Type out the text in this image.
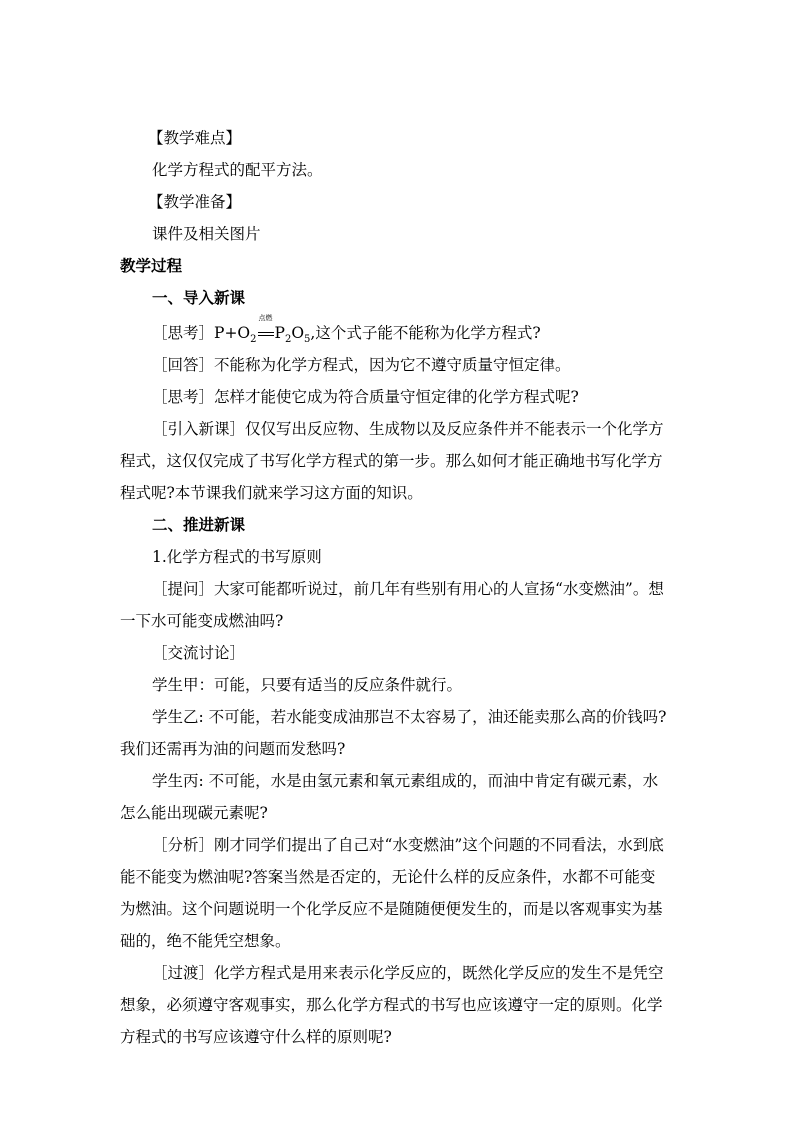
【教学难点】
化学方程式的配平方法。
【教学准备】
课件及相关图片
教学过程
一、导入新课
［思考$]P+O_2$
点燃
$P_2O_5$,这个式子能不能称为化学方程式?
［回答］不能称为化学方程式，因为它不遵守质量守恒定律。
［思考］怎样才能使它成为符合质量守恒定律的化学方程式呢?
［引入新课］仅仅写出反应物、生成物以及反应条件并不能表示一个化学方
程式，这仅仅完成了书写化学方程式的第一步。那么如何才能正确地书写化学方
程式呢?本节课我们就来学习这方面的知识。
二、推进新课
1.化学方程式的书写原则
［提问］大家可能都听说过，前几年有些别有用心的人宣扬“水变燃油”。想
一下水可能变成燃油吗?
［交流讨论］
学生甲：可能，只要有适当的反应条件就行。
学生乙: 不可能，若水能变成油那岂不太容易了，油还能卖那么高的价钱吗?
我们还需再为油的问题而发愁吗?
学生丙: 不可能，水是由氢元素和氧元素组成的，而油中肯定有碳元素，水
怎么能出现碳元素呢?
［分析］刚才同学们提出了自己对“水变燃油”这个问题的不同看法，水到底
能不能变为燃油呢?答案当然是否定的，无论什么样的反应条件，水都不可能变
为燃油。这个问题说明一个化学反应不是随随便便发生的，而是以客观事实为基
础的，绝不能凭空想象。
［过渡］化学方程式是用来表示化学反应的，既然化学反应的发生不是凭空
想象，必须遵守客观事实，那么化学方程式的书写也应该遵守一定的原则。化学
方程式的书写应该遵守什么样的原则呢?
